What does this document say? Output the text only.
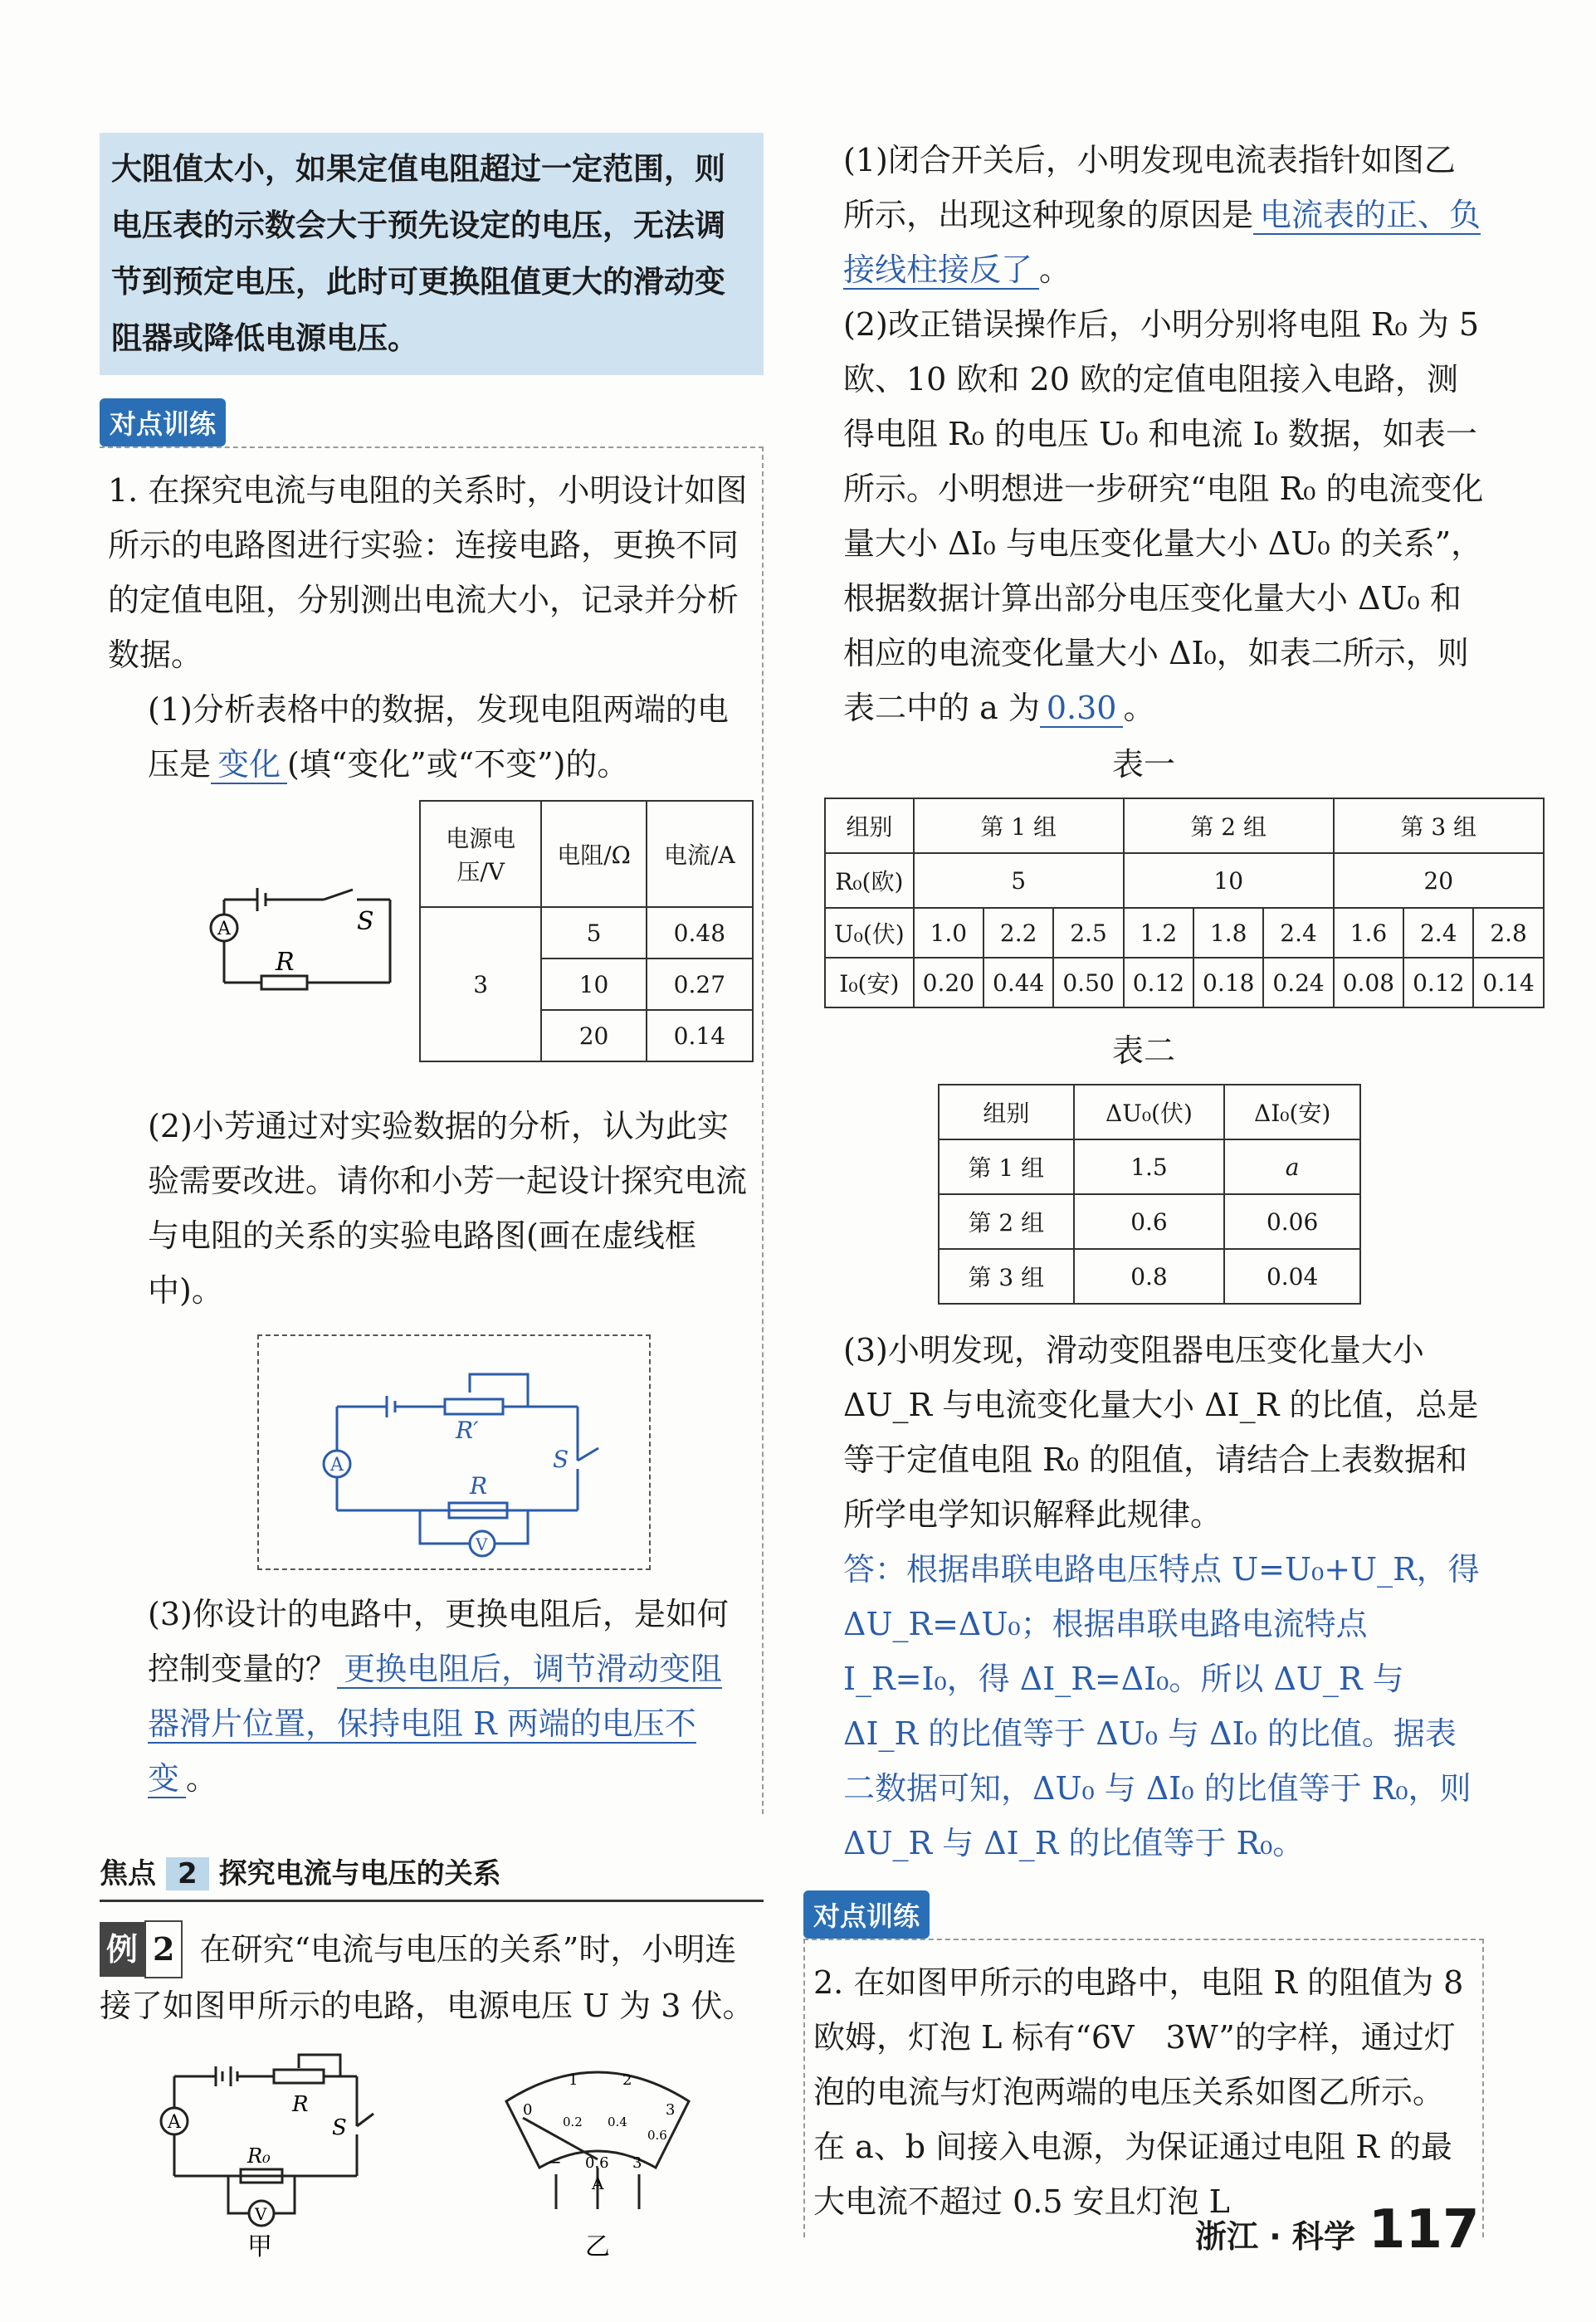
大阻值太小，如果定值电阻超过一定范围，则电压表的示数会大于预先设定的电压，无法调节到预定电压，此时可更换阻值更大的滑动变阻器或降低电源电压。
对点训练

1. 在探究电流与电阻的关系时，小明设计如图所示的电路图进行实验：连接电路，更换不同的定值电阻，分别测出电流大小，记录并分析数据。

(1)分析表格中的数据，发现电阻两端的电压是 变化 (填“变化”或“不变”)的。

A	S
R
电源电压/V	电阻/Ω	电流/A
3	5	0.48
	10	0.27
	20	0.14

(2)小芳通过对实验数据的分析，认为此实验需要改进。请你和小芳一起设计探究电流与电阻的关系的实验电路图(画在虚线框中)。

R′
S
R
A
V

(3)你设计的电路中，更换电阻后，是如何控制变量的？ 更换电阻后，调节滑动变阻器滑片位置，保持电阻 R 两端的电压不变 。

焦点 2 探究电流与电压的关系

例 2 在研究“电流与电压的关系”时，小明连接了如图甲所示的电路，电源电压 U 为 3 伏。

R
S
R₀
A
V
甲
0
1	2
3
0.2 0.4
0.6
− 0.6 3
A
乙

(1)闭合开关后，小明发现电流表指针如图乙所示，出现这种现象的原因是 电流表的正、负接线柱接反了 。

(2)改正错误操作后，小明分别将电阻 R₀ 为 5 欧、10 欧和 20 欧的定值电阻接入电路，测得电阻 R₀ 的电压 U₀ 和电流 I₀ 数据，如表一所示。小明想进一步研究“电阻 R₀ 的电流变化量大小 ΔI₀ 与电压变化量大小 ΔU₀ 的关系”，根据数据计算出部分电压变化量大小 ΔU₀ 和相应的电流变化量大小 ΔI₀，如表二所示，则表二中的 a 为 0.30 。

表一
组别	第 1 组			第 2 组			第 3 组		
R₀(欧)	5			10			20		
U₀(伏)	1.0	2.2	2.5	1.2	1.8	2.4	1.6	2.4	2.8
I₀(安)	0.20	0.44	0.50	0.12	0.18	0.24	0.08	0.12	0.14
表二
组别	ΔU₀(伏)	ΔI₀(安)
第 1 组	1.5	a
第 2 组	0.6	0.06
第 3 组	0.8	0.04

(3)小明发现，滑动变阻器电压变化量大小 ΔU_R 与电流变化量大小 ΔI_R 的比值，总是等于定值电阻 R₀ 的阻值，请结合上表数据和所学电学知识解释此规律。

答：根据串联电路电压特点 U=U₀+U_R，得 ΔU_R=ΔU₀；根据串联电路电流特点 I_R=I₀，得 ΔI_R=ΔI₀。所以 ΔU_R 与 ΔI_R 的比值等于 ΔU₀ 与 ΔI₀ 的比值。据表二数据可知，ΔU₀ 与 ΔI₀ 的比值等于 R₀，则 ΔU_R 与 ΔI_R 的比值等于 R₀。

对点训练

2. 在如图甲所示的电路中，电阻 R 的阻值为 8 欧姆，灯泡 L 标有“6V　3W”的字样，通过灯泡的电流与灯泡两端的电压关系如图乙所示。在 a、b 间接入电源，为保证通过电阻 R 的最大电流不超过 0.5 安且灯泡 L

浙江 · 科学 117
